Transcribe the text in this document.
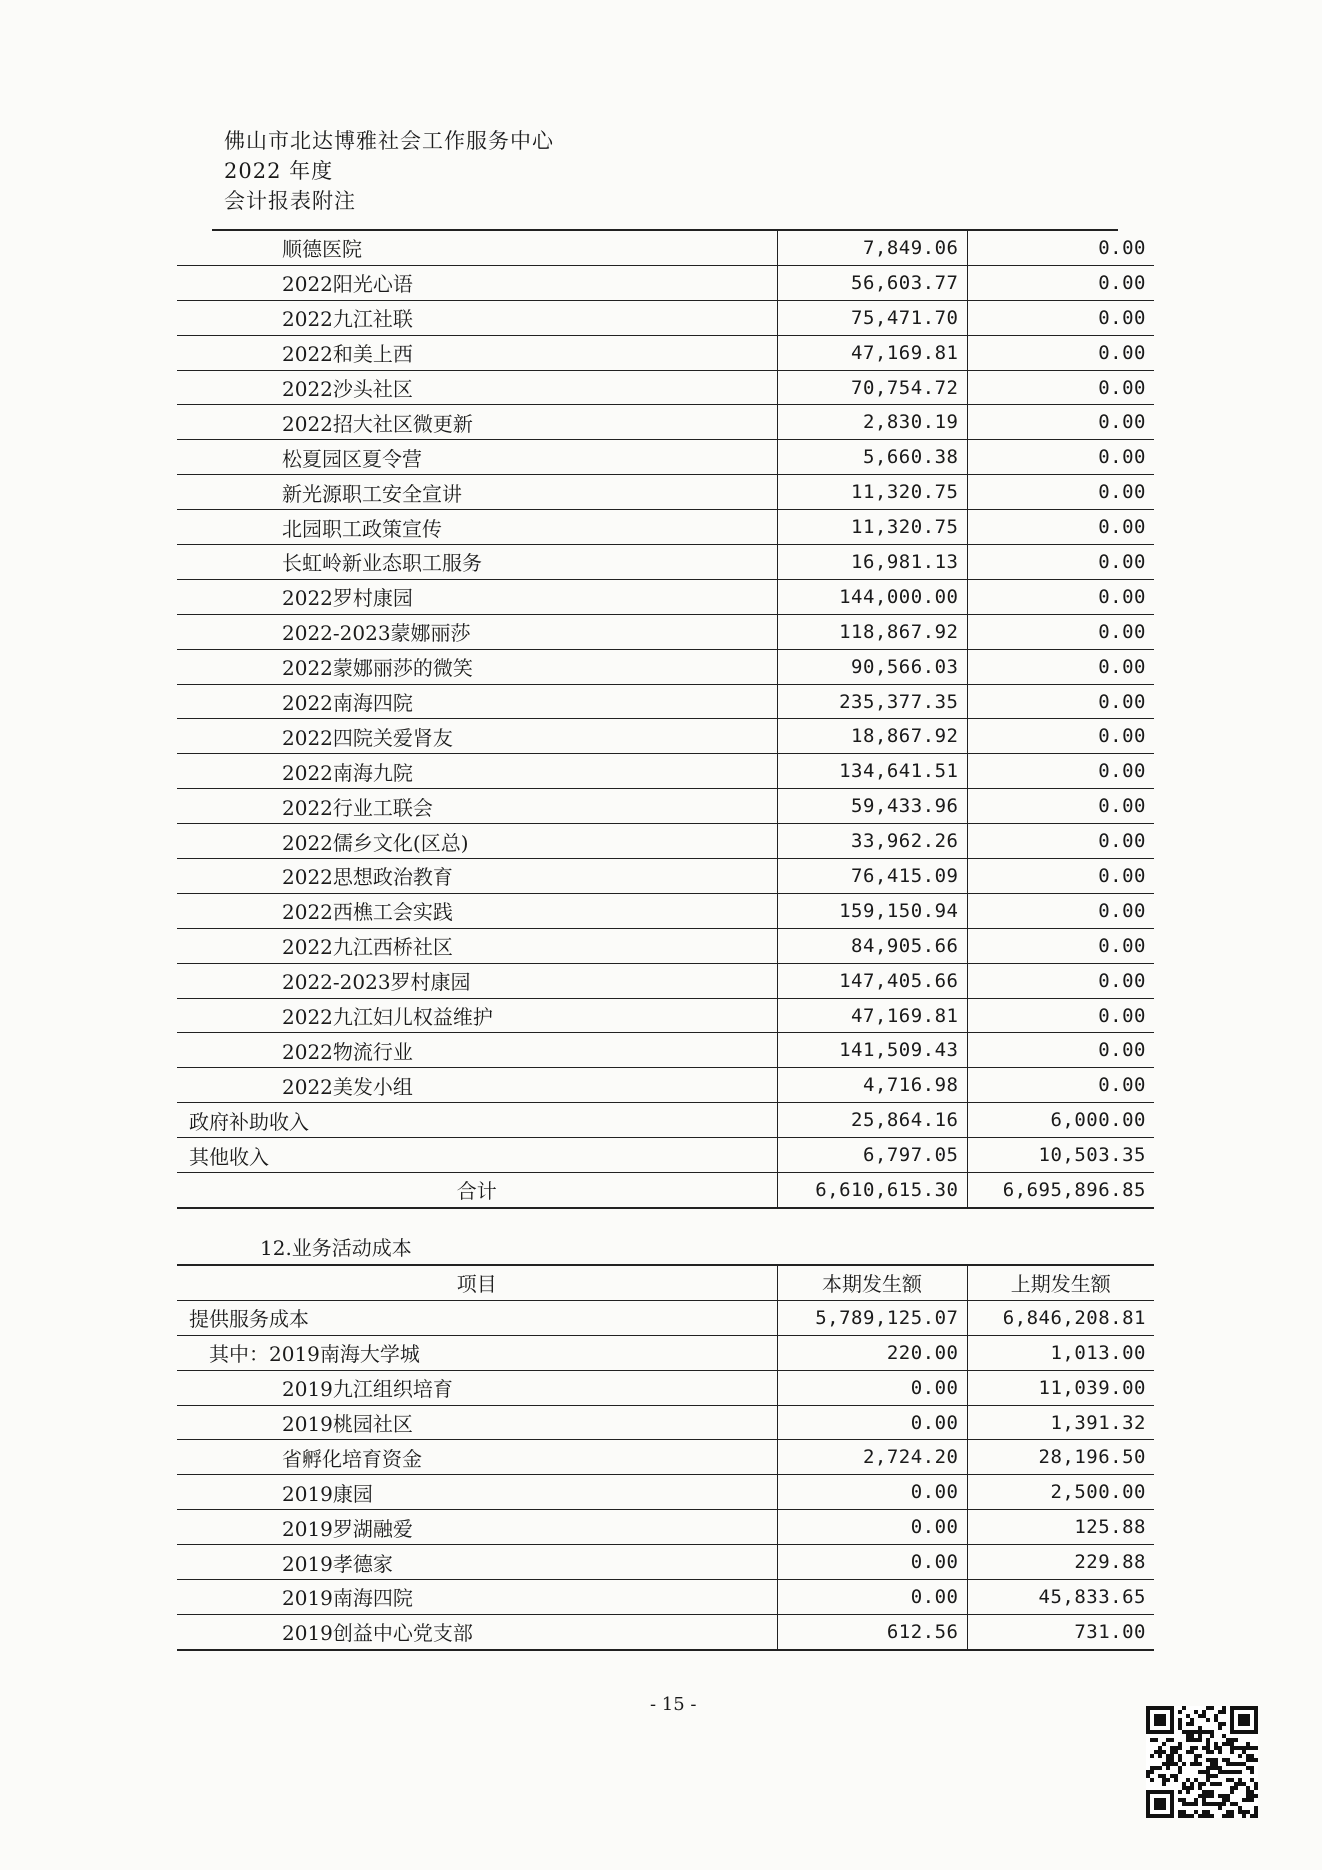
佛山市北达博雅社会工作服务中心
2022 年度
会计报表附注
顺德医院	7,849.06	0.00
2022阳光心语	56,603.77	0.00
2022九江社联	75,471.70	0.00
2022和美上西	47,169.81	0.00
2022沙头社区	70,754.72	0.00
2022招大社区微更新	2,830.19	0.00
松夏园区夏令营	5,660.38	0.00
新光源职工安全宣讲	11,320.75	0.00
北园职工政策宣传	11,320.75	0.00
长虹岭新业态职工服务	16,981.13	0.00
2022罗村康园	144,000.00	0.00
2022-2023蒙娜丽莎	118,867.92	0.00
2022蒙娜丽莎的微笑	90,566.03	0.00
2022南海四院	235,377.35	0.00
2022四院关爱肾友	18,867.92	0.00
2022南海九院	134,641.51	0.00
2022行业工联会	59,433.96	0.00
2022儒乡文化(区总)	33,962.26	0.00
2022思想政治教育	76,415.09	0.00
2022西樵工会实践	159,150.94	0.00
2022九江西桥社区	84,905.66	0.00
2022-2023罗村康园	147,405.66	0.00
2022九江妇儿权益维护	47,169.81	0.00
2022物流行业	141,509.43	0.00
2022美发小组	4,716.98	0.00
政府补助收入	25,864.16	6,000.00
其他收入	6,797.05	10,503.35
合计	6,610,615.30	6,695,896.85
12.业务活动成本
项目	本期发生额	上期发生额
提供服务成本	5,789,125.07	6,846,208.81
其中：2019南海大学城	220.00	1,013.00
2019九江组织培育	0.00	11,039.00
2019桃园社区	0.00	1,391.32
省孵化培育资金	2,724.20	28,196.50
2019康园	0.00	2,500.00
2019罗湖融爱	0.00	125.88
2019孝德家	0.00	229.88
2019南海四院	0.00	45,833.65
2019创益中心党支部	612.56	731.00
- 15 -
